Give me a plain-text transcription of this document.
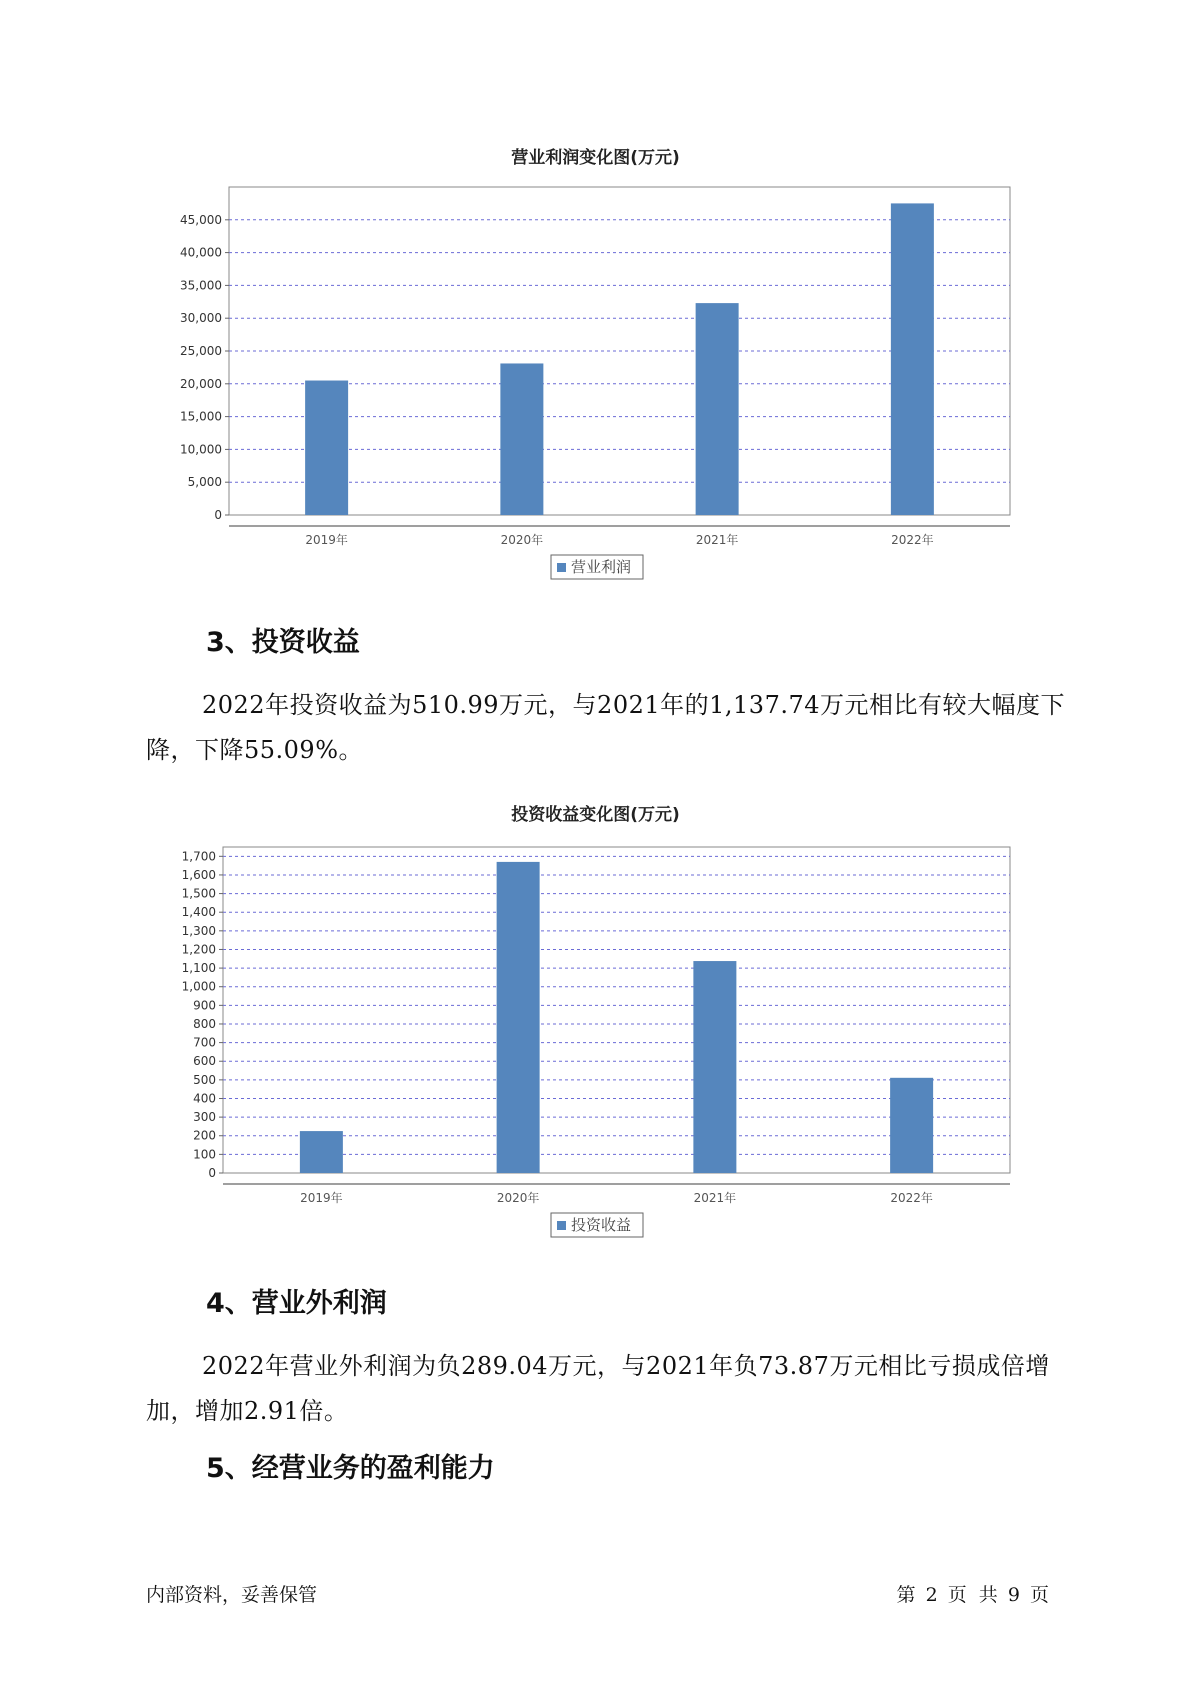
营业利润变化图(万元)
0
5,000
10,000
15,000
20,000
25,000
30,000
35,000
40,000
45,000
2019年	2020年	2021年	2022年
营业利润
3、投资收益
2022年投资收益为510.99万元，与2021年的1,137.74万元相比有较大幅度下降，下降55.09%。
投资收益变化图(万元)
0
100
200
300
400
500
600
700
800
900
1,000
1,100
1,200
1,300
1,400
1,500
1,600
1,700
2019年	2020年	2021年	2022年
投资收益
4、营业外利润
2022年营业外利润为负289.04万元，与2021年负73.87万元相比亏损成倍增加，增加2.91倍。
5、经营业务的盈利能力
内部资料，妥善保管	第 2 页  共 9 页
